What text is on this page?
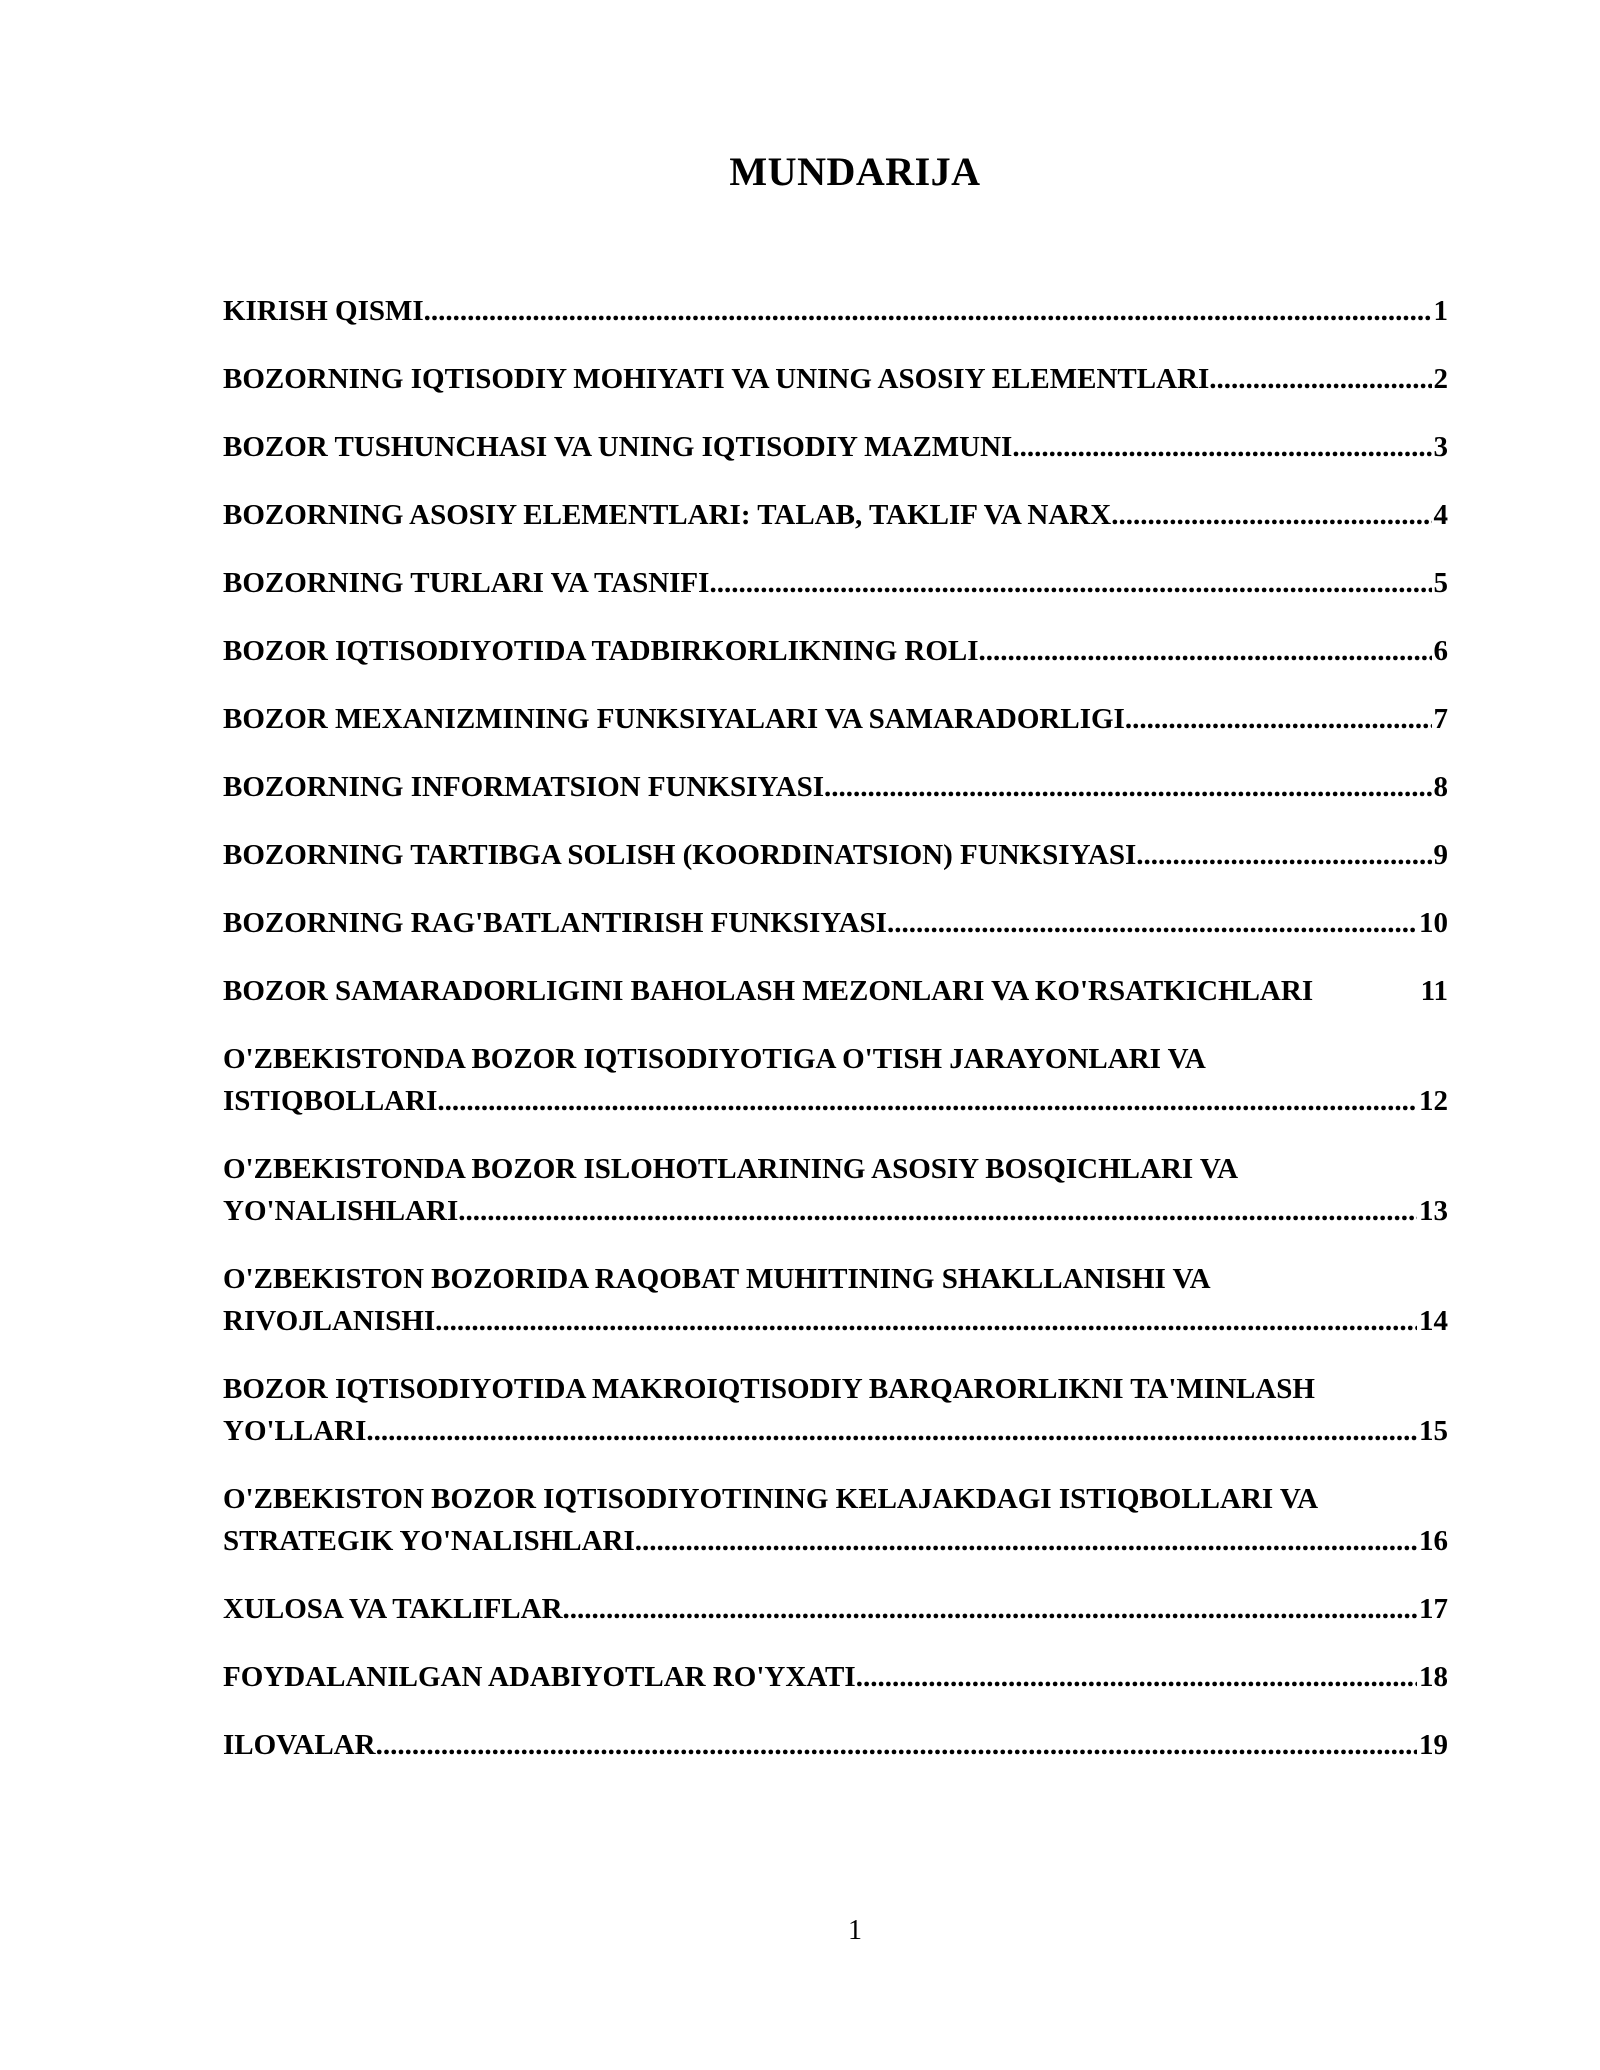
MUNDARIJA
KIRISH QISMI .....	1
BOZORNING IQTISODIY MOHIYATI VA UNING ASOSIY ELEMENTLARI .....	2
BOZOR TUSHUNCHASI VA UNING IQTISODIY MAZMUNI .....	3
BOZORNING ASOSIY ELEMENTLARI: TALAB, TAKLIF VA NARX .....	4
BOZORNING TURLARI VA TASNIFI .....	5
BOZOR IQTISODIYOTIDA TADBIRKORLIKNING ROLI .....	6
BOZOR MEXANIZMINING FUNKSIYALARI VA SAMARADORLIGI .....	7
BOZORNING INFORMATSION FUNKSIYASI .....	8
BOZORNING TARTIBGA SOLISH (KOORDINATSION) FUNKSIYASI .....	9
BOZORNING RAG'BATLANTIRISH FUNKSIYASI .....	10
BOZOR SAMARADORLIGINI BAHOLASH MEZONLARI VA KO'RSATKICHLARI	11
O'ZBEKISTONDA BOZOR IQTISODIYOTIGA O'TISH JARAYONLARI VA
ISTIQBOLLARI .....	12
O'ZBEKISTONDA BOZOR ISLOHOTLARINING ASOSIY BOSQICHLARI VA
YO'NALISHLARI .....	13
O'ZBEKISTON BOZORIDA RAQOBAT MUHITINING SHAKLLANISHI VA
RIVOJLANISHI .....	14
BOZOR IQTISODIYOTIDA MAKROIQTISODIY BARQARORLIKNI TA'MINLASH
YO'LLARI .....	15
O'ZBEKISTON BOZOR IQTISODIYOTINING KELAJAKDAGI ISTIQBOLLARI VA
STRATEGIK YO'NALISHLARI .....	16
XULOSA VA TAKLIFLAR .....	17
FOYDALANILGAN ADABIYOTLAR RO'YXATI .....	18
ILOVALAR .....	19
1
